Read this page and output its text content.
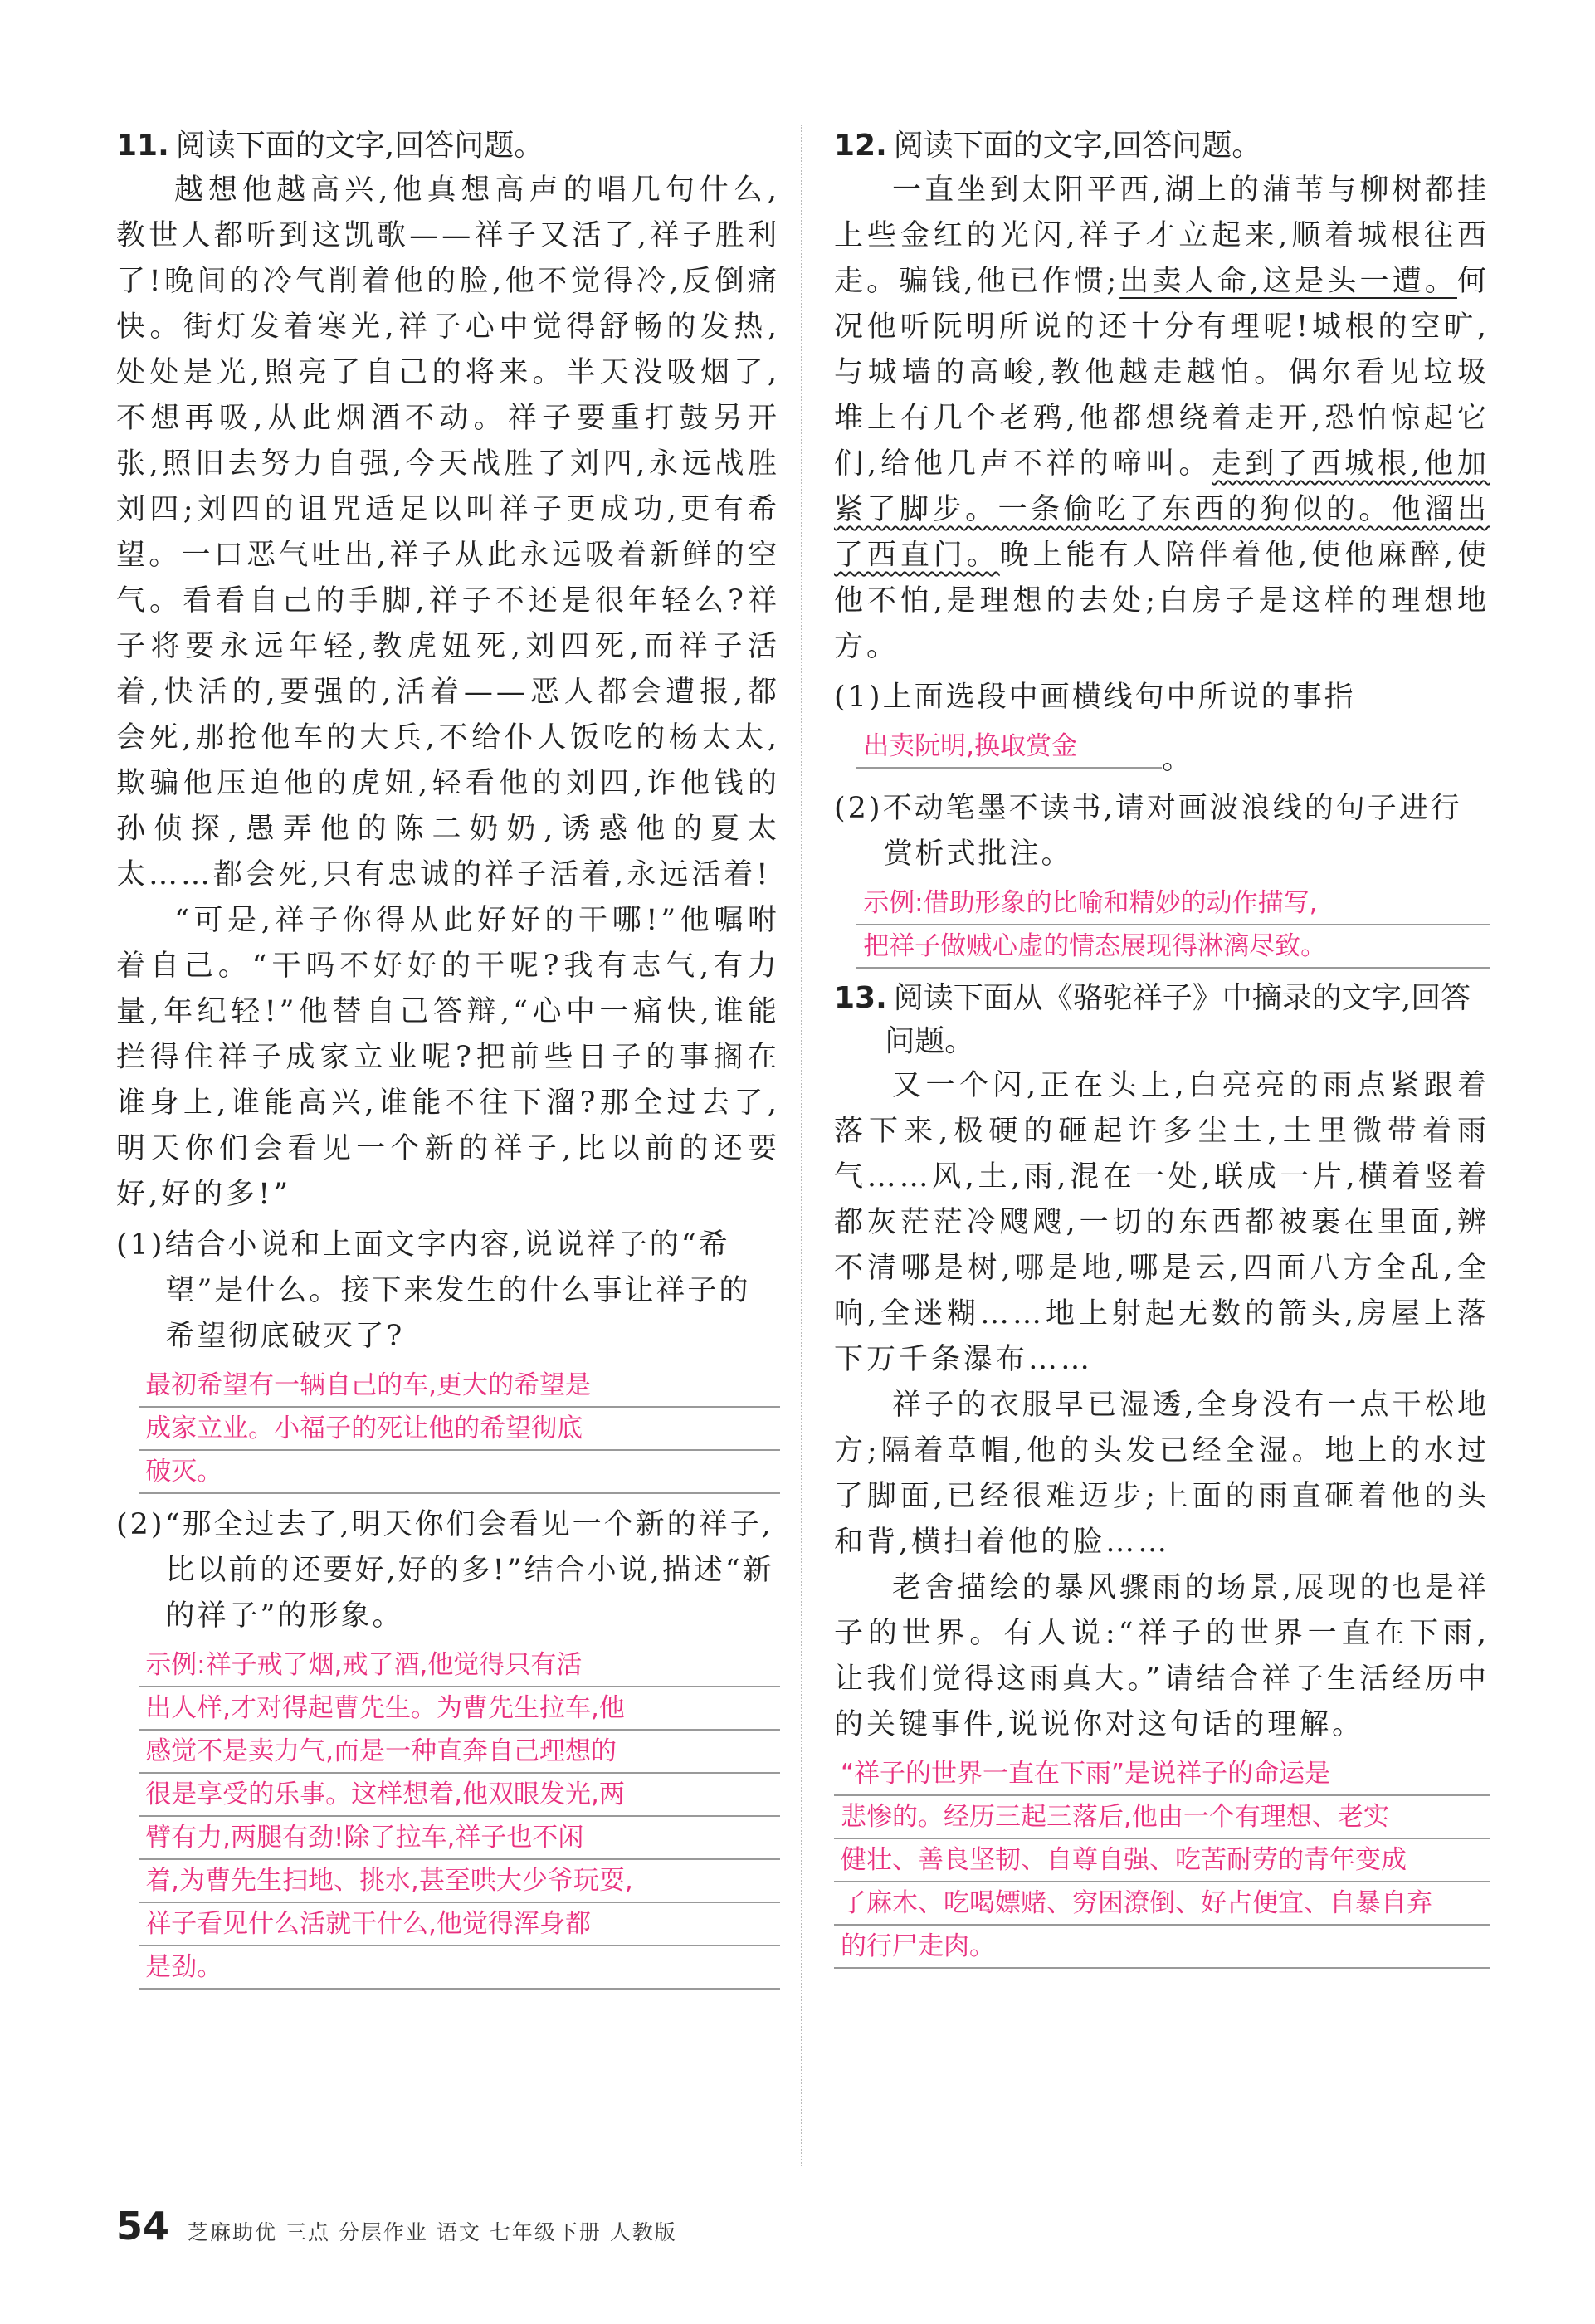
11. 阅读下面的文字,回答问题。

越想他越高兴,他真想高声的唱几句什么,教世人都听到这凯歌——祥子又活了,祥子胜利了!晚间的冷气削着他的脸,他不觉得冷,反倒痛快。街灯发着寒光,祥子心中觉得舒畅的发热,处处是光,照亮了自己的将来。半天没吸烟了,不想再吸,从此烟酒不动。祥子要重打鼓另开张,照旧去努力自强,今天战胜了刘四,永远战胜刘四;刘四的诅咒适足以叫祥子更成功,更有希望。一口恶气吐出,祥子从此永远吸着新鲜的空气。看看自己的手脚,祥子不还是很年轻么?祥子将要永远年轻,教虎妞死,刘四死,而祥子活着,快活的,要强的,活着——恶人都会遭报,都会死,那抢他车的大兵,不给仆人饭吃的杨太太,欺骗他压迫他的虎妞,轻看他的刘四,诈他钱的孙侦探,愚弄他的陈二奶奶,诱惑他的夏太太……都会死,只有忠诚的祥子活着,永远活着!

“可是,祥子你得从此好好的干哪!”他嘱咐着自己。“干吗不好好的干呢?我有志气,有力量,年纪轻!”他替自己答辩,“心中一痛快,谁能拦得住祥子成家立业呢?把前些日子的事搁在谁身上,谁能高兴,谁能不往下溜?那全过去了,明天你们会看见一个新的祥子,比以前的还要好,好的多!”

(1)结合小说和上面文字内容,说说祥子的“希望”是什么。接下来发生的什么事让祥子的希望彻底破灭了?

最初希望有一辆自己的车,更大的希望是
成家立业。小福子的死让他的希望彻底
破灭。

(2)“那全过去了,明天你们会看见一个新的祥子,比以前的还要好,好的多!”结合小说,描述“新的祥子”的形象。

示例:祥子戒了烟,戒了酒,他觉得只有活
出人样,才对得起曹先生。为曹先生拉车,他
感觉不是卖力气,而是一种直奔自己理想的
很是享受的乐事。这样想着,他双眼发光,两
臂有力,两腿有劲!除了拉车,祥子也不闲
着,为曹先生扫地、挑水,甚至哄大少爷玩耍,
祥子看见什么活就干什么,他觉得浑身都
是劲。

12. 阅读下面的文字,回答问题。

一直坐到太阳平西,湖上的蒲苇与柳树都挂上些金红的光闪,祥子才立起来,顺着城根往西走。骗钱,他已作惯;出卖人命,这是头一遭。何况他听阮明所说的还十分有理呢!城根的空旷,与城墙的高峻,教他越走越怕。偶尔看见垃圾堆上有几个老鸦,他都想绕着走开,恐怕惊起它们,给他几声不祥的啼叫。走到了西城根,他加紧了脚步。一条偷吃了东西的狗似的。他溜出了西直门。晚上能有人陪伴着他,使他麻醉,使他不怕,是理想的去处;白房子是这样的理想地方。

(1)上面选段中画横线句中所说的事指

出卖阮明,换取赏金	。

(2)不动笔墨不读书,请对画波浪线的句子进行赏析式批注。

示例:借助形象的比喻和精妙的动作描写,
把祥子做贼心虚的情态展现得淋漓尽致。

13. 阅读下面从《骆驼祥子》中摘录的文字,回答问题。

又一个闪,正在头上,白亮亮的雨点紧跟着落下来,极硬的砸起许多尘土,土里微带着雨气……风,土,雨,混在一处,联成一片,横着竖着都灰茫茫冷飕飕,一切的东西都被裹在里面,辨不清哪是树,哪是地,哪是云,四面八方全乱,全响,全迷糊……地上射起无数的箭头,房屋上落下万千条瀑布……

祥子的衣服早已湿透,全身没有一点干松地方;隔着草帽,他的头发已经全湿。地上的水过了脚面,已经很难迈步;上面的雨直砸着他的头和背,横扫着他的脸……

老舍描绘的暴风骤雨的场景,展现的也是祥子的世界。有人说:“祥子的世界一直在下雨,让我们觉得这雨真大。”请结合祥子生活经历中的关键事件,说说你对这句话的理解。

“祥子的世界一直在下雨”是说祥子的命运是
悲惨的。经历三起三落后,他由一个有理想、老实
健壮、善良坚韧、自尊自强、吃苦耐劳的青年变成
了麻木、吃喝嫖赌、穷困潦倒、好占便宜、自暴自弃
的行尸走肉。
54 芝麻助优 三点 分层作业 语文 七年级下册 人教版
